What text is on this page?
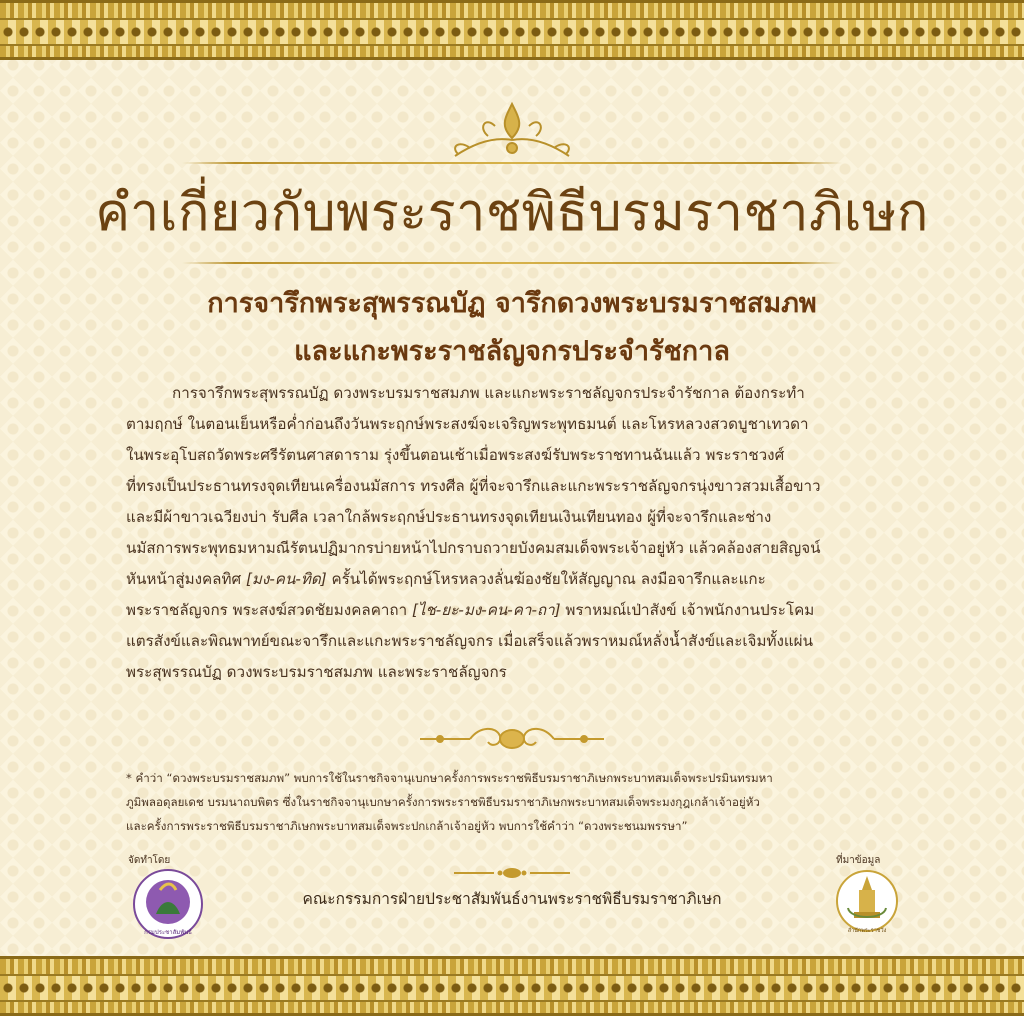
คำเกี่ยวกับพระราชพิธีบรมราชาภิเษก
การจารึกพระสุพรรณบัฏ จารึกดวงพระบรมราชสมภพ
และแกะพระราชลัญจกรประจำรัชกาล
การจารึกพระสุพรรณบัฏ ดวงพระบรมราชสมภพ และแกะพระราชลัญจกรประจำรัชกาล ต้องกระทำ
ตามฤกษ์ ในตอนเย็นหรือค่ำก่อนถึงวันพระฤกษ์พระสงฆ์จะเจริญพระพุทธมนต์ และโหรหลวงสวดบูชาเทวดา
ในพระอุโบสถวัดพระศรีรัตนศาสดาราม รุ่งขึ้นตอนเช้าเมื่อพระสงฆ์รับพระราชทานฉันแล้ว พระราชวงศ์
ที่ทรงเป็นประธานทรงจุดเทียนเครื่องนมัสการ ทรงศีล ผู้ที่จะจารึกและแกะพระราชลัญจกรนุ่งขาวสวมเสื้อขาว
และมีผ้าขาวเฉวียงบ่า รับศีล เวลาใกล้พระฤกษ์ประธานทรงจุดเทียนเงินเทียนทอง ผู้ที่จะจารึกและช่าง
นมัสการพระพุทธมหามณีรัตนปฏิมากรบ่ายหน้าไปกราบถวายบังคมสมเด็จพระเจ้าอยู่หัว แล้วคล้องสายสิญจน์
หันหน้าสู่มงคลทิศ [มง-คน-ทิด] ครั้นได้พระฤกษ์โหรหลวงลั่นฆ้องชัยให้สัญญาณ ลงมือจารึกและแกะ
พระราชลัญจกร พระสงฆ์สวดชัยมงคลคาถา [ไช-ยะ-มง-คน-คา-ถา] พราหมณ์เป่าสังข์ เจ้าพนักงานประโคม
แตรสังข์และพิณพาทย์ขณะจารึกและแกะพระราชลัญจกร เมื่อเสร็จแล้วพราหมณ์หลั่งน้ำสังข์และเจิมทั้งแผ่น
พระสุพรรณบัฏ ดวงพระบรมราชสมภพ และพระราชลัญจกร
* คำว่า “ดวงพระบรมราชสมภพ” พบการใช้ในราชกิจจานุเบกษาครั้งการพระราชพิธีบรมราชาภิเษกพระบาทสมเด็จพระปรมินทรมหา
ภูมิพลอดุลยเดช บรมนาถบพิตร ซึ่งในราชกิจจานุเบกษาครั้งการพระราชพิธีบรมราชาภิเษกพระบาทสมเด็จพระมงกุฎเกล้าเจ้าอยู่หัว
และครั้งการพระราชพิธีบรมราชาภิเษกพระบาทสมเด็จพระปกเกล้าเจ้าอยู่หัว พบการใช้คำว่า “ดวงพระชนมพรรษา”
จัดทำโดย	ที่มาข้อมูล
กรมประชาสัมพันธ์
คณะกรรมการฝ่ายประชาสัมพันธ์งานพระราชพิธีบรมราชาภิเษก
สำนักพระราชวัง
